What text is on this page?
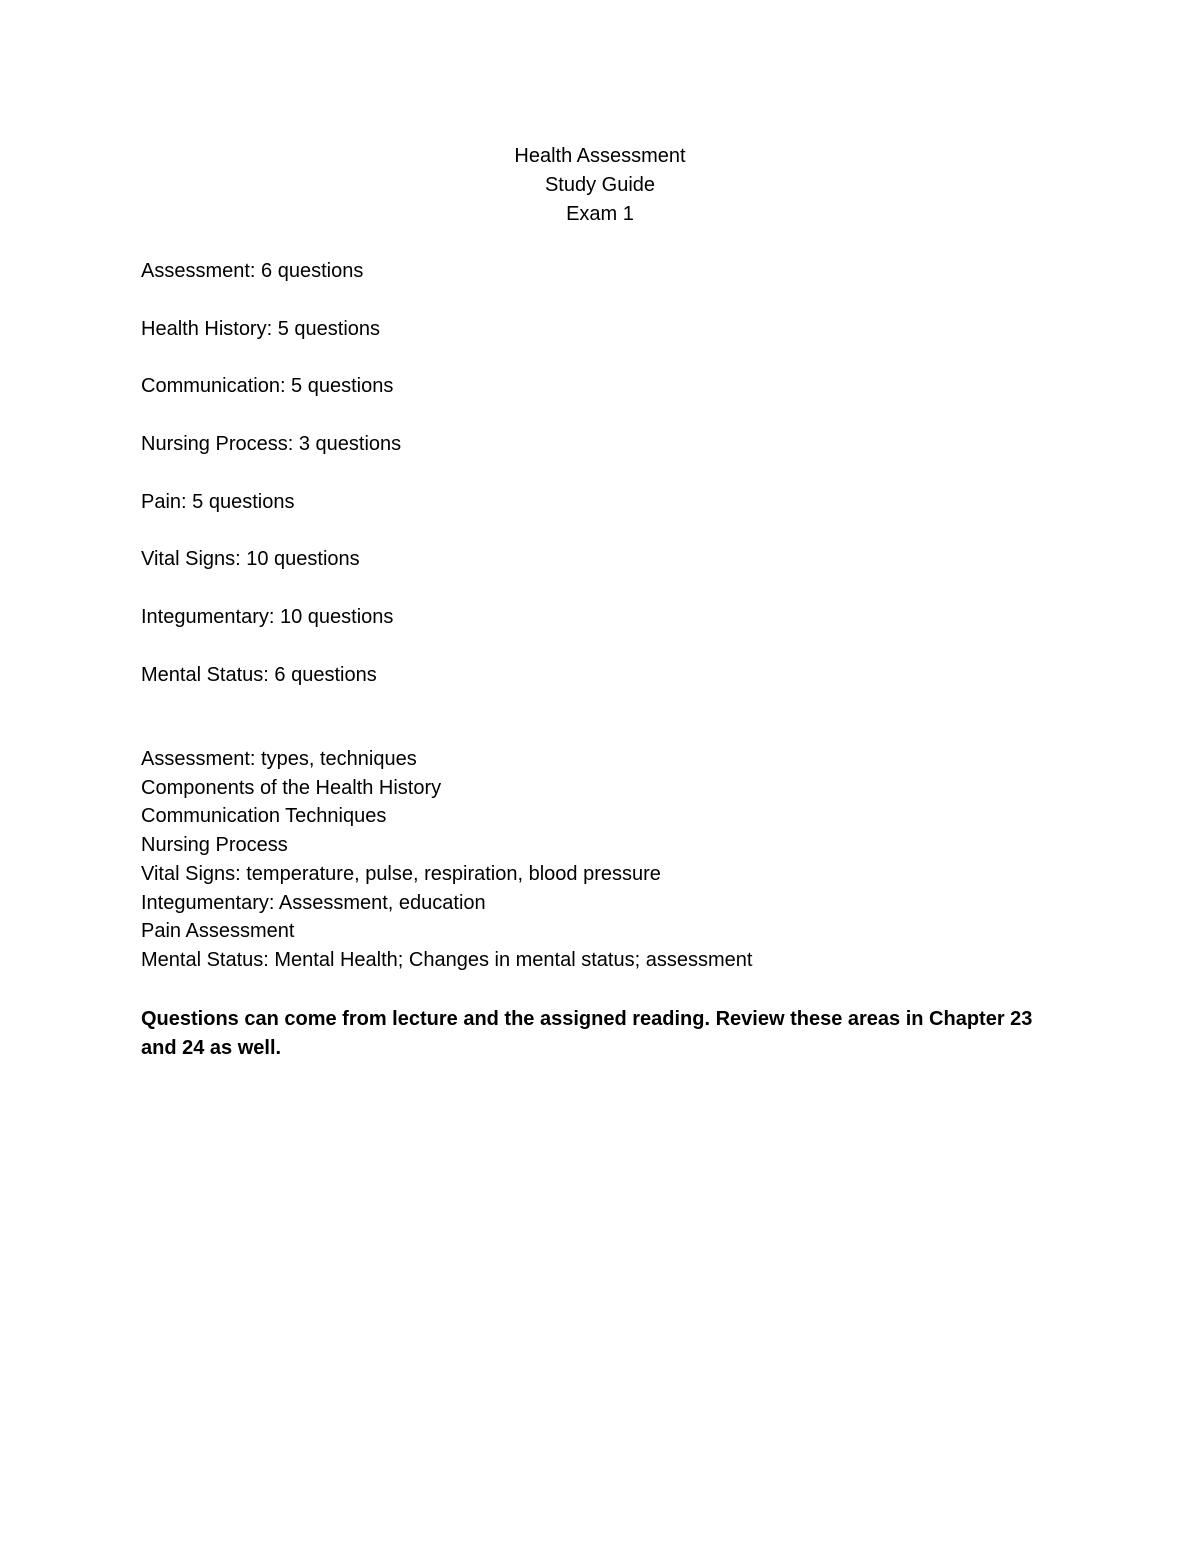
Health Assessment
Study Guide
Exam 1
Assessment: 6 questions
Health History: 5 questions
Communication: 5 questions
Nursing Process: 3 questions
Pain: 5 questions
Vital Signs: 10 questions
Integumentary: 10 questions
Mental Status: 6 questions
Assessment: types, techniques
Components of the Health History
Communication Techniques
Nursing Process
Vital Signs: temperature, pulse, respiration, blood pressure
Integumentary: Assessment, education
Pain Assessment
Mental Status: Mental Health; Changes in mental status; assessment
Questions can come from lecture and the assigned reading. Review these areas in Chapter 23 and 24 as well.
